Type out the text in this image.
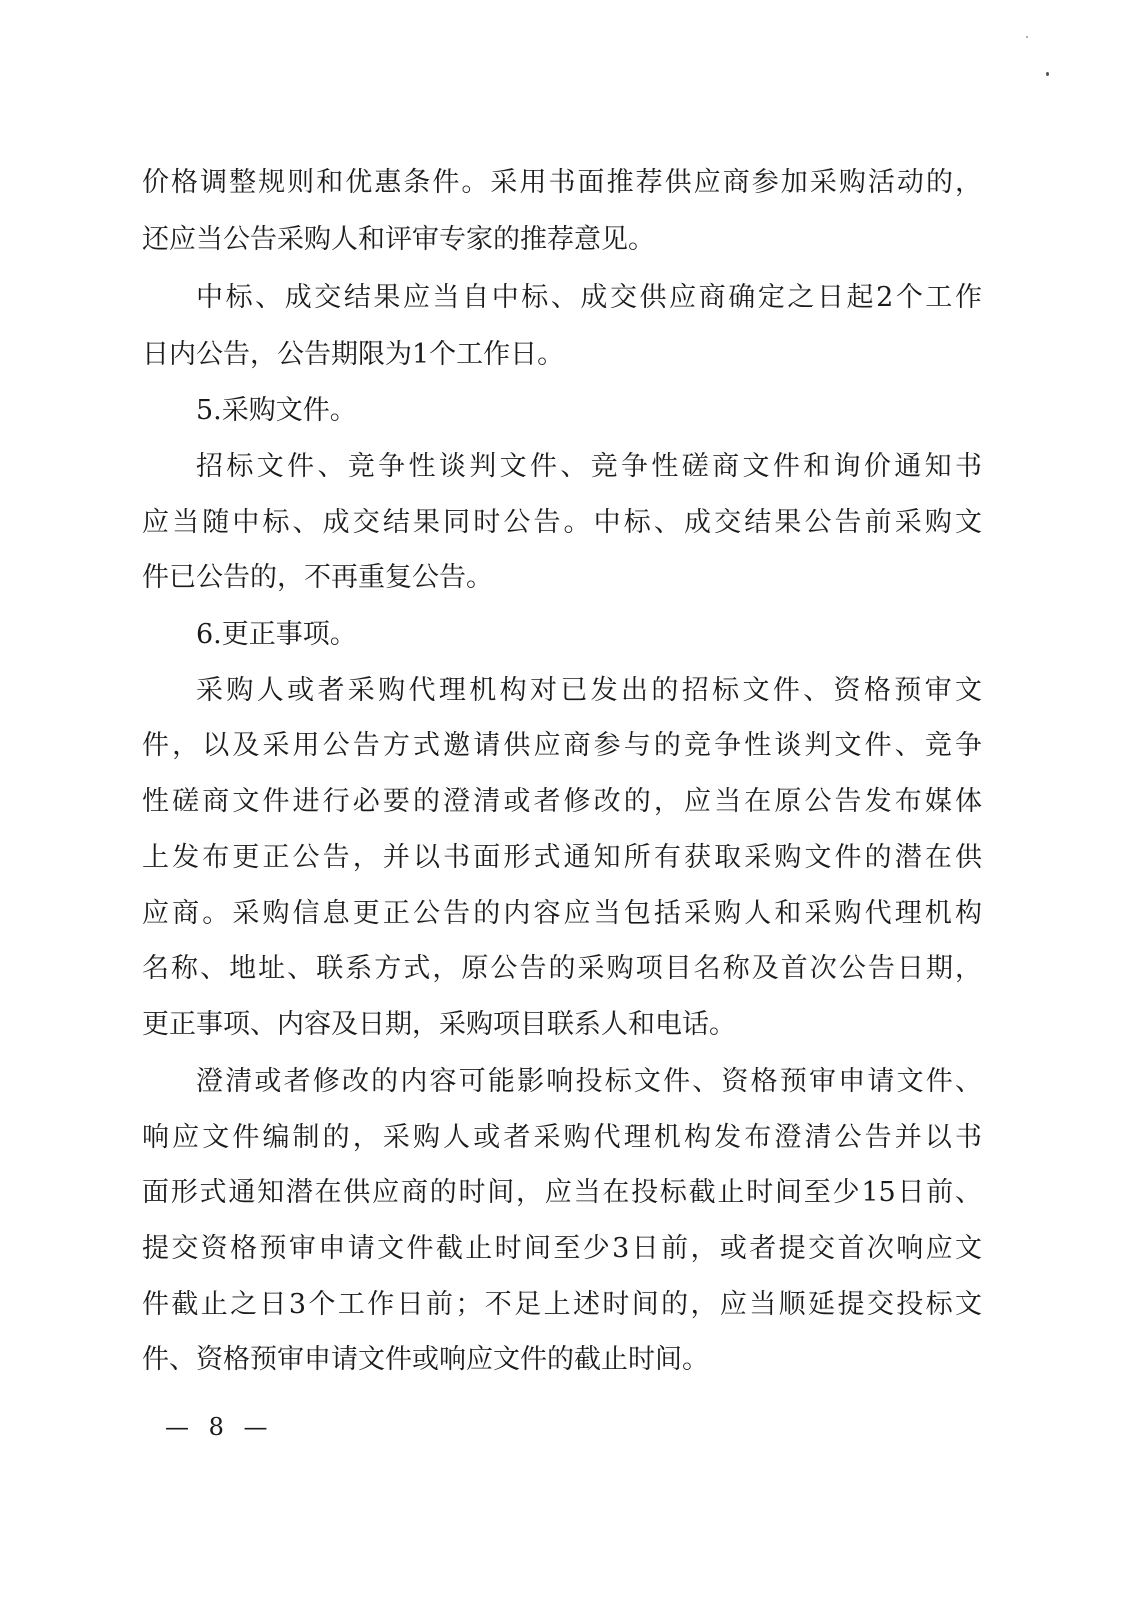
价格调整规则和优惠条件。采用书面推荐供应商参加采购活动的，
还应当公告采购人和评审专家的推荐意见。
中标、成交结果应当自中标、成交供应商确定之日起2个工作
日内公告，公告期限为1个工作日。
5.采购文件。
招标文件、竞争性谈判文件、竞争性磋商文件和询价通知书
应当随中标、成交结果同时公告。中标、成交结果公告前采购文
件已公告的，不再重复公告。
6.更正事项。
采购人或者采购代理机构对已发出的招标文件、资格预审文
件，以及采用公告方式邀请供应商参与的竞争性谈判文件、竞争
性磋商文件进行必要的澄清或者修改的，应当在原公告发布媒体
上发布更正公告，并以书面形式通知所有获取采购文件的潜在供
应商。采购信息更正公告的内容应当包括采购人和采购代理机构
名称、地址、联系方式，原公告的采购项目名称及首次公告日期，
更正事项、内容及日期，采购项目联系人和电话。
澄清或者修改的内容可能影响投标文件、资格预审申请文件、
响应文件编制的，采购人或者采购代理机构发布澄清公告并以书
面形式通知潜在供应商的时间，应当在投标截止时间至少15日前、
提交资格预审申请文件截止时间至少3日前，或者提交首次响应文
件截止之日3个工作日前；不足上述时间的，应当顺延提交投标文
件、资格预审申请文件或响应文件的截止时间。
— 8 —
